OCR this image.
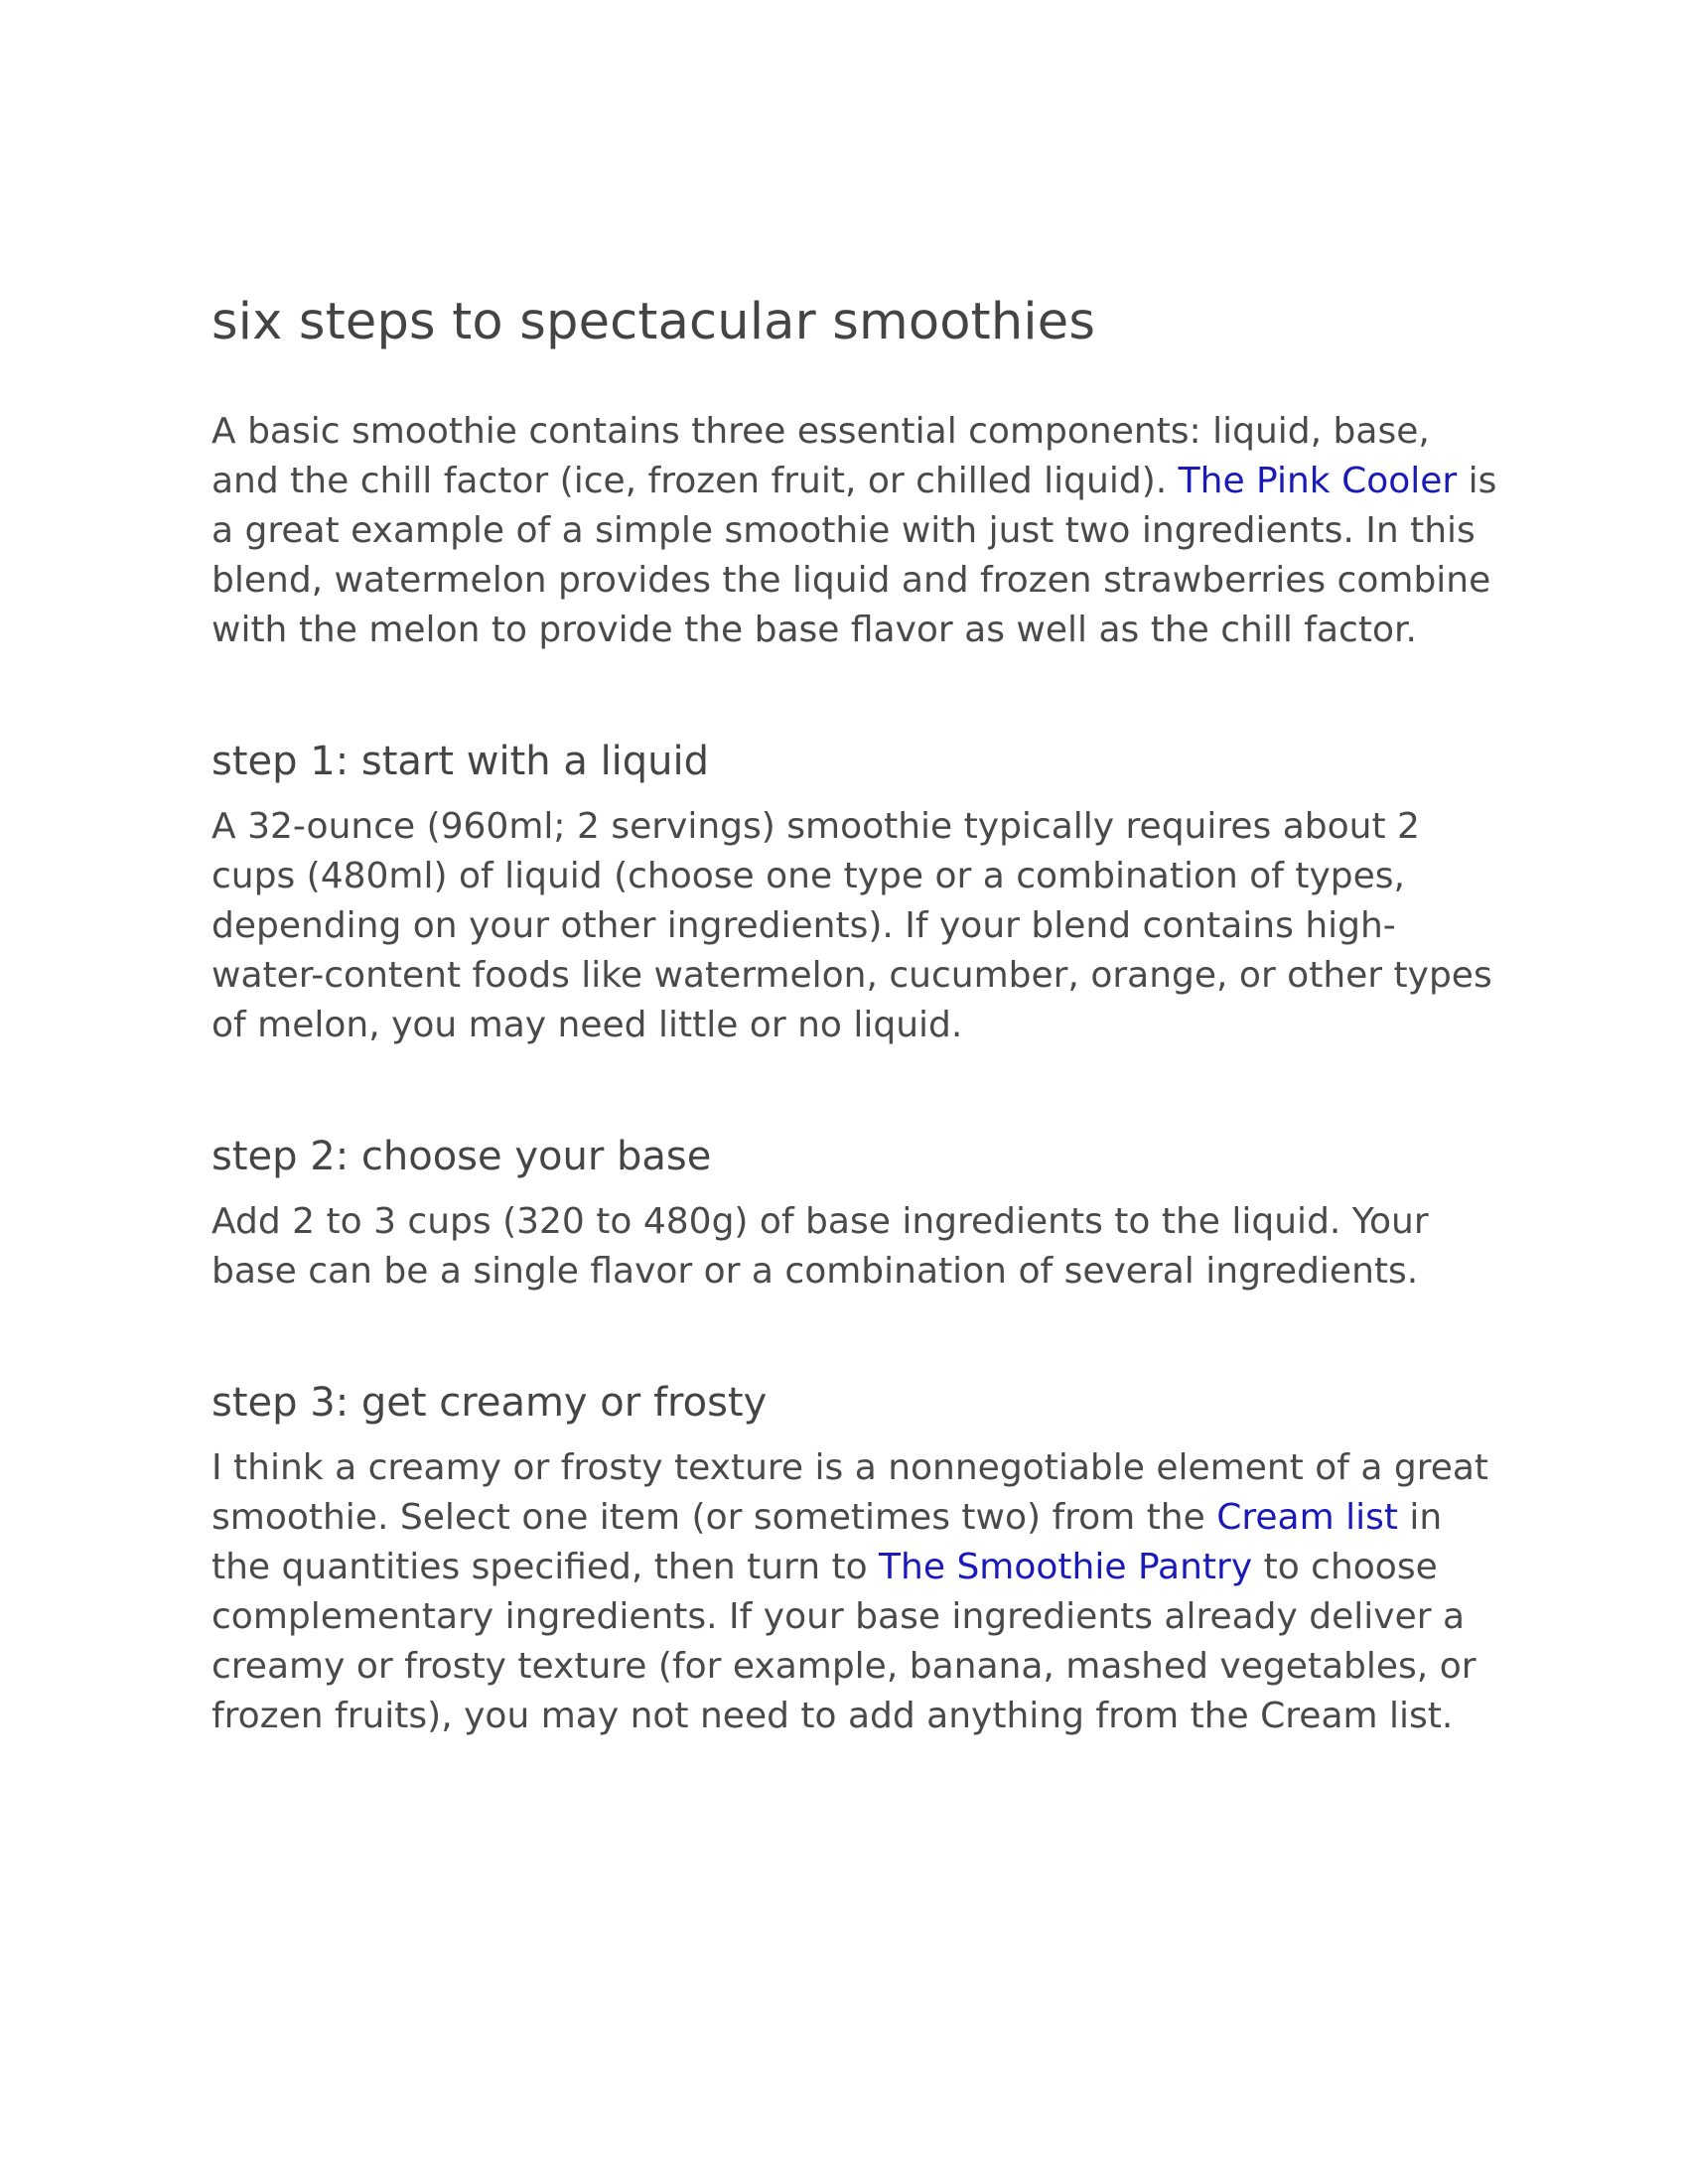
six steps to spectacular smoothies

A basic smoothie contains three essential components: liquid, base, and the chill factor (ice, frozen fruit, or chilled liquid). The Pink Cooler is a great example of a simple smoothie with just two ingredients. In this blend, watermelon provides the liquid and frozen strawberries combine with the melon to provide the base flavor as well as the chill factor.

step 1: start with a liquid

A 32-ounce (960ml; 2 servings) smoothie typically requires about 2 cups (480ml) of liquid (choose one type or a combination of types, depending on your other ingredients). If your blend contains high-water-content foods like watermelon, cucumber, orange, or other types of melon, you may need little or no liquid.

step 2: choose your base

Add 2 to 3 cups (320 to 480g) of base ingredients to the liquid. Your base can be a single flavor or a combination of several ingredients.

step 3: get creamy or frosty

I think a creamy or frosty texture is a nonnegotiable element of a great smoothie. Select one item (or sometimes two) from the Cream list in the quantities specified, then turn to The Smoothie Pantry to choose complementary ingredients. If your base ingredients already deliver a creamy or frosty texture (for example, banana, mashed vegetables, or frozen fruits), you may not need to add anything from the Cream list.
